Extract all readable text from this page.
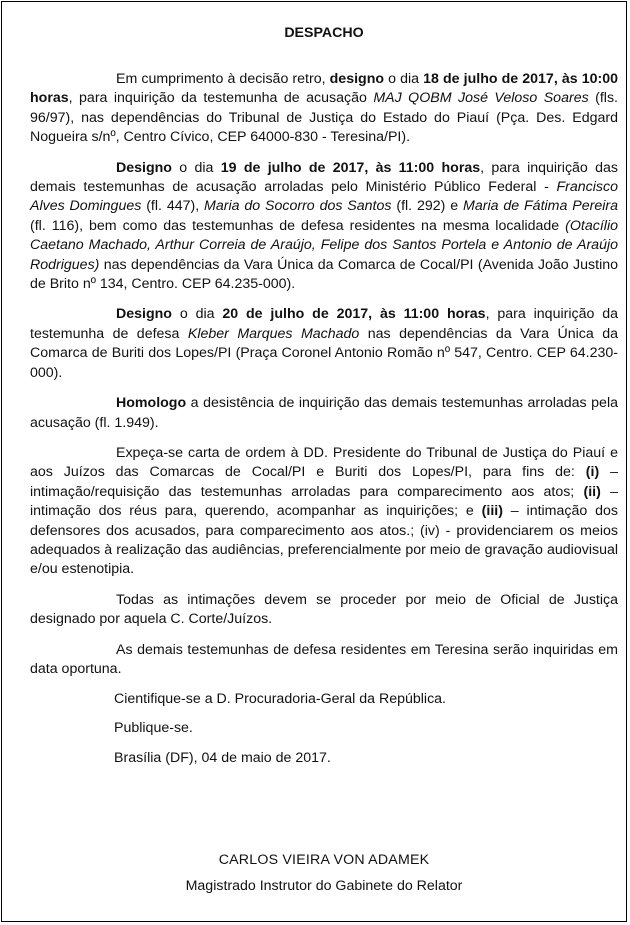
DESPACHO

Em cumprimento à decisão retro, designo o dia 18 de julho de 2017, às 10:00 horas, para inquirição da testemunha de acusação MAJ QOBM José Veloso Soares (fls. 96/97), nas dependências do Tribunal de Justiça do Estado do Piauí (Pça. Des. Edgard Nogueira s/nº, Centro Cívico, CEP 64000-830 - Teresina/PI).

Designo o dia 19 de julho de 2017, às 11:00 horas, para inquirição das demais testemunhas de acusação arroladas pelo Ministério Público Federal - Francisco Alves Domingues (fl. 447), Maria do Socorro dos Santos (fl. 292) e Maria de Fátima Pereira (fl. 116), bem como das testemunhas de defesa residentes na mesma localidade (Otacílio Caetano Machado, Arthur Correia de Araújo, Felipe dos Santos Portela e Antonio de Araújo Rodrigues) nas dependências da Vara Única da Comarca de Cocal/PI (Avenida João Justino de Brito nº 134, Centro. CEP 64.235-000).

Designo o dia 20 de julho de 2017, às 11:00 horas, para inquirição da testemunha de defesa Kleber Marques Machado nas dependências da Vara Única da Comarca de Buriti dos Lopes/PI (Praça Coronel Antonio Romão nº 547, Centro. CEP 64.230-000).

Homologo a desistência de inquirição das demais testemunhas arroladas pela acusação (fl. 1.949).

Expeça-se carta de ordem à DD. Presidente do Tribunal de Justiça do Piauí e aos Juízos das Comarcas de Cocal/PI e Buriti dos Lopes/PI, para fins de: (i) – intimação/requisição das testemunhas arroladas para comparecimento aos atos; (ii) – intimação dos réus para, querendo, acompanhar as inquirições; e (iii) – intimação dos defensores dos acusados, para comparecimento aos atos.; (iv) - providenciarem os meios adequados à realização das audiências, preferencialmente por meio de gravação audiovisual e/ou estenotipia.

Todas as intimações devem se proceder por meio de Oficial de Justiça designado por aquela C. Corte/Juízos.

As demais testemunhas de defesa residentes em Teresina serão inquiridas em data oportuna.

Cientifique-se a D. Procuradoria-Geral da República.

Publique-se.

Brasília (DF), 04 de maio de 2017.

CARLOS VIEIRA VON ADAMEK
Magistrado Instrutor do Gabinete do Relator
